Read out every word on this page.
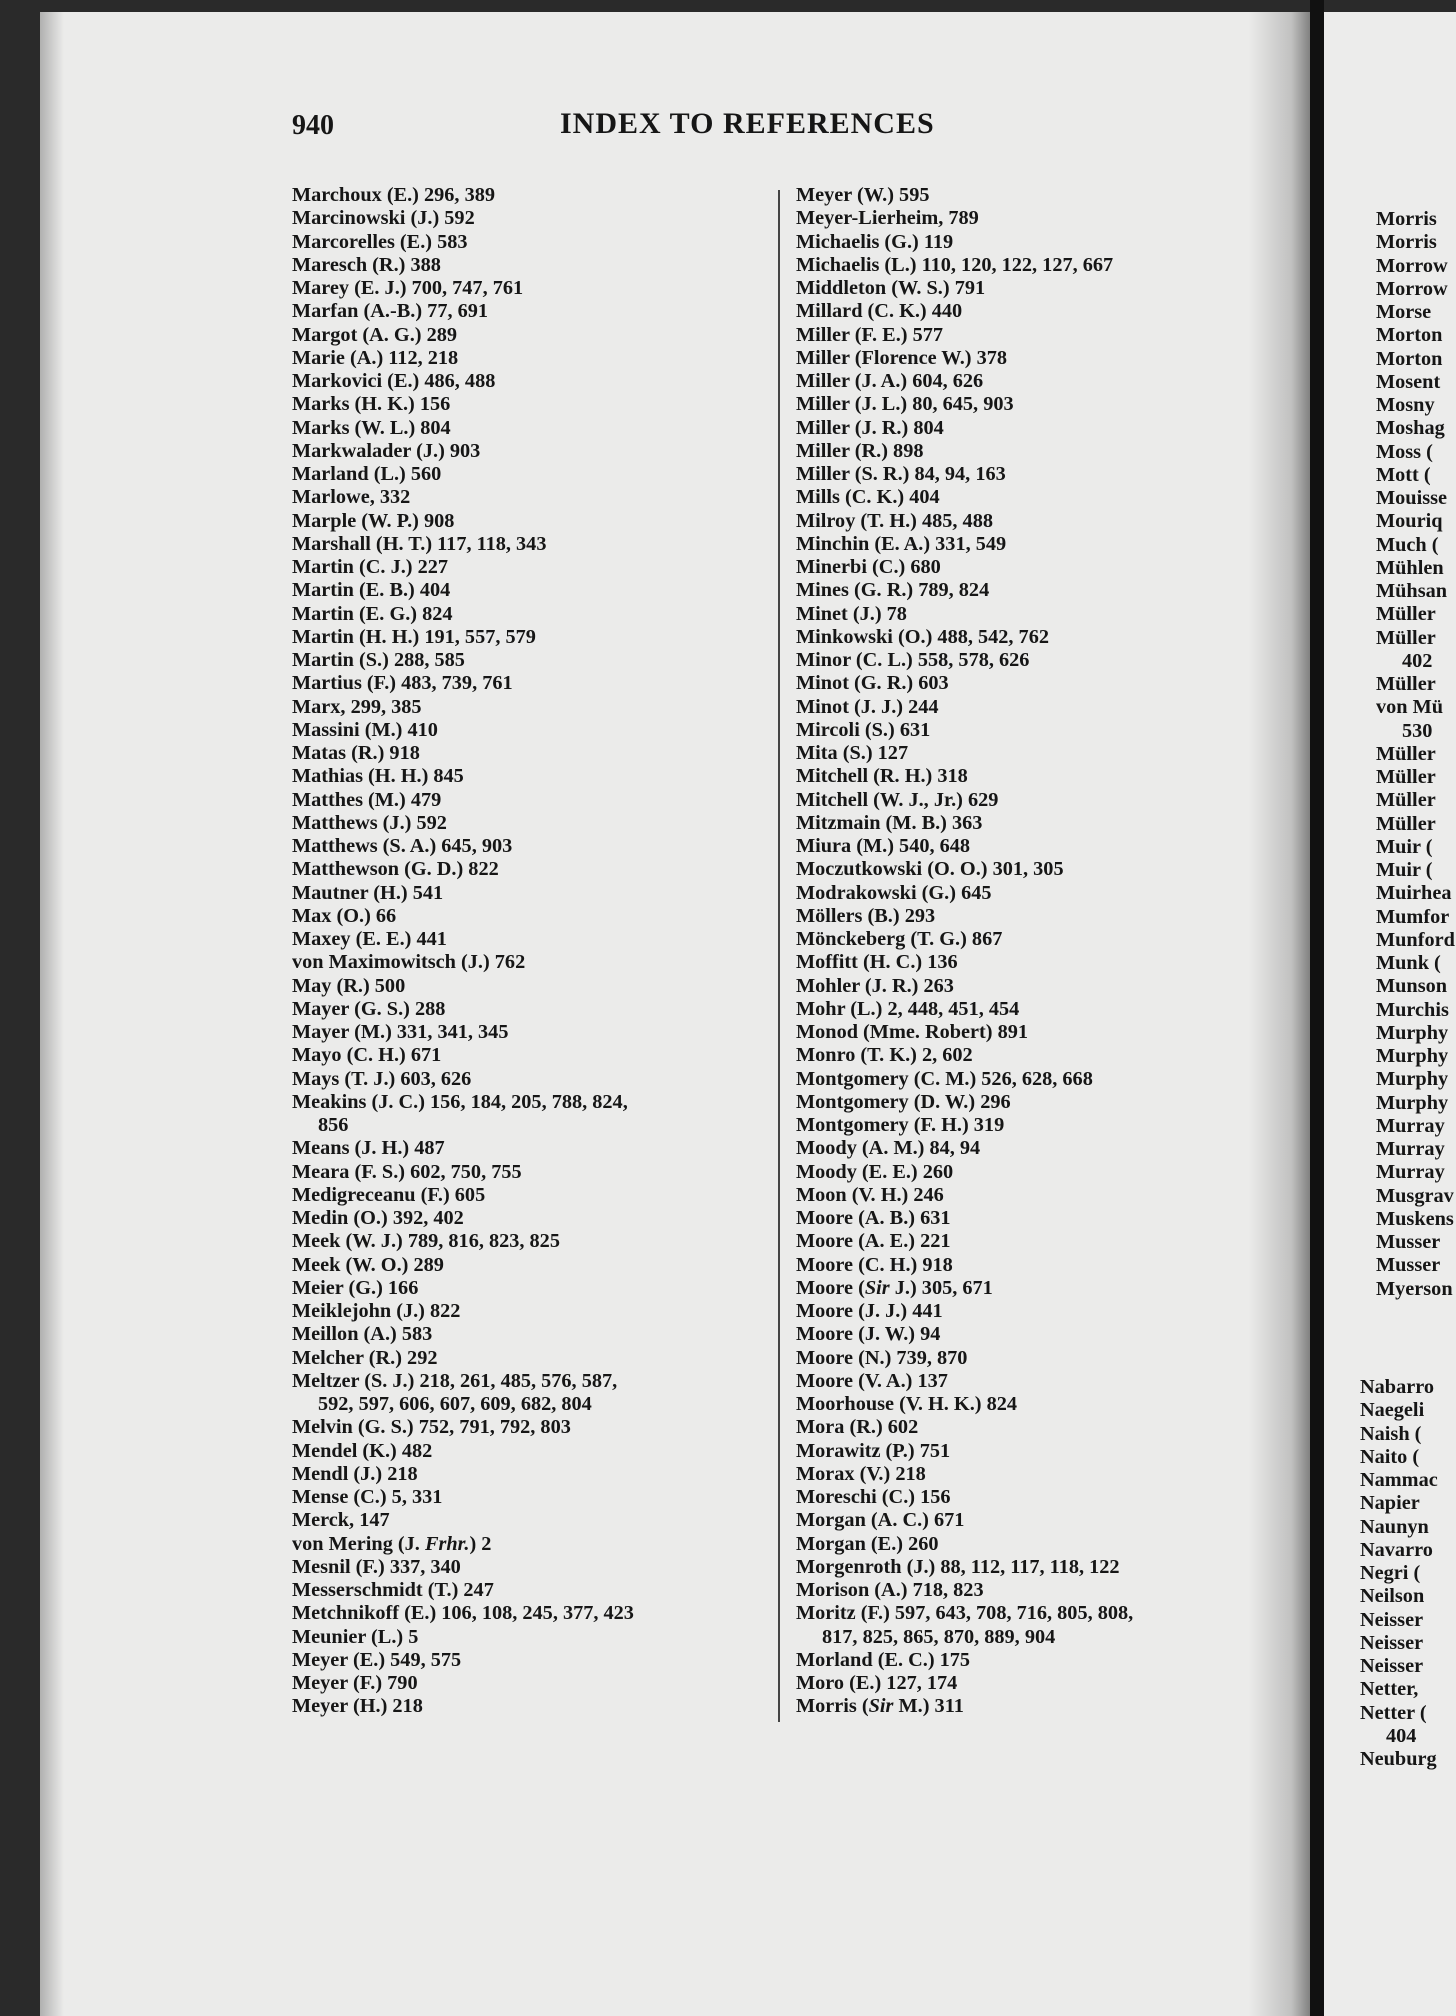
940	INDEX TO REFERENCES
Marchoux (E.) 296, 389
Marcinowski (J.) 592
Marcorelles (E.) 583
Maresch (R.) 388
Marey (E. J.) 700, 747, 761
Marfan (A.-B.) 77, 691
Margot (A. G.) 289
Marie (A.) 112, 218
Markovici (E.) 486, 488
Marks (H. K.) 156
Marks (W. L.) 804
Markwalader (J.) 903
Marland (L.) 560
Marlowe, 332
Marple (W. P.) 908
Marshall (H. T.) 117, 118, 343
Martin (C. J.) 227
Martin (E. B.) 404
Martin (E. G.) 824
Martin (H. H.) 191, 557, 579
Martin (S.) 288, 585
Martius (F.) 483, 739, 761
Marx, 299, 385
Massini (M.) 410
Matas (R.) 918
Mathias (H. H.) 845
Matthes (M.) 479
Matthews (J.) 592
Matthews (S. A.) 645, 903
Matthewson (G. D.) 822
Mautner (H.) 541
Max (O.) 66
Maxey (E. E.) 441
von Maximowitsch (J.) 762
May (R.) 500
Mayer (G. S.) 288
Mayer (M.) 331, 341, 345
Mayo (C. H.) 671
Mays (T. J.) 603, 626
Meakins (J. C.) 156, 184, 205, 788, 824,
856
Means (J. H.) 487
Meara (F. S.) 602, 750, 755
Medigreceanu (F.) 605
Medin (O.) 392, 402
Meek (W. J.) 789, 816, 823, 825
Meek (W. O.) 289
Meier (G.) 166
Meiklejohn (J.) 822
Meillon (A.) 583
Melcher (R.) 292
Meltzer (S. J.) 218, 261, 485, 576, 587,
592, 597, 606, 607, 609, 682, 804
Melvin (G. S.) 752, 791, 792, 803
Mendel (K.) 482
Mendl (J.) 218
Mense (C.) 5, 331
Merck, 147
von Mering (J. Frhr.) 2
Mesnil (F.) 337, 340
Messerschmidt (T.) 247
Metchnikoff (E.) 106, 108, 245, 377, 423
Meunier (L.) 5
Meyer (E.) 549, 575
Meyer (F.) 790
Meyer (H.) 218
Meyer (W.) 595
Meyer-Lierheim, 789
Michaelis (G.) 119
Michaelis (L.) 110, 120, 122, 127, 667
Middleton (W. S.) 791
Millard (C. K.) 440
Miller (F. E.) 577
Miller (Florence W.) 378
Miller (J. A.) 604, 626
Miller (J. L.) 80, 645, 903
Miller (J. R.) 804
Miller (R.) 898
Miller (S. R.) 84, 94, 163
Mills (C. K.) 404
Milroy (T. H.) 485, 488
Minchin (E. A.) 331, 549
Minerbi (C.) 680
Mines (G. R.) 789, 824
Minet (J.) 78
Minkowski (O.) 488, 542, 762
Minor (C. L.) 558, 578, 626
Minot (G. R.) 603
Minot (J. J.) 244
Mircoli (S.) 631
Mita (S.) 127
Mitchell (R. H.) 318
Mitchell (W. J., Jr.) 629
Mitzmain (M. B.) 363
Miura (M.) 540, 648
Moczutkowski (O. O.) 301, 305
Modrakowski (G.) 645
Möllers (B.) 293
Mönckeberg (T. G.) 867
Moffitt (H. C.) 136
Mohler (J. R.) 263
Mohr (L.) 2, 448, 451, 454
Monod (Mme. Robert) 891
Monro (T. K.) 2, 602
Montgomery (C. M.) 526, 628, 668
Montgomery (D. W.) 296
Montgomery (F. H.) 319
Moody (A. M.) 84, 94
Moody (E. E.) 260
Moon (V. H.) 246
Moore (A. B.) 631
Moore (A. E.) 221
Moore (C. H.) 918
Moore (Sir J.) 305, 671
Moore (J. J.) 441
Moore (J. W.) 94
Moore (N.) 739, 870
Moore (V. A.) 137
Moorhouse (V. H. K.) 824
Mora (R.) 602
Morawitz (P.) 751
Morax (V.) 218
Moreschi (C.) 156
Morgan (A. C.) 671
Morgan (E.) 260
Morgenroth (J.) 88, 112, 117, 118, 122
Morison (A.) 718, 823
Moritz (F.) 597, 643, 708, 716, 805, 808,
817, 825, 865, 870, 889, 904
Morland (E. C.) 175
Moro (E.) 127, 174
Morris (Sir M.) 311
Morris
Morris
Morrow
Morrow
Morse
Morton
Morton
Mosent
Mosny
Moshag
Moss (
Mott (
Mouisse
Mouriq
Much (
Mühlen
Mühsan
Müller
Müller
402
Müller
von Mü
530
Müller
Müller
Müller
Müller
Muir (
Muir (
Muirhea
Mumfor
Munford
Munk (
Munson
Murchis
Murphy
Murphy
Murphy
Murphy
Murray
Murray
Murray
Musgrav
Muskens
Musser
Musser
Myerson
Nabarro
Naegeli
Naish (
Naito (
Nammac
Napier
Naunyn
Navarro
Negri (
Neilson
Neisser
Neisser
Neisser
Netter,
Netter (
404
Neuburg
